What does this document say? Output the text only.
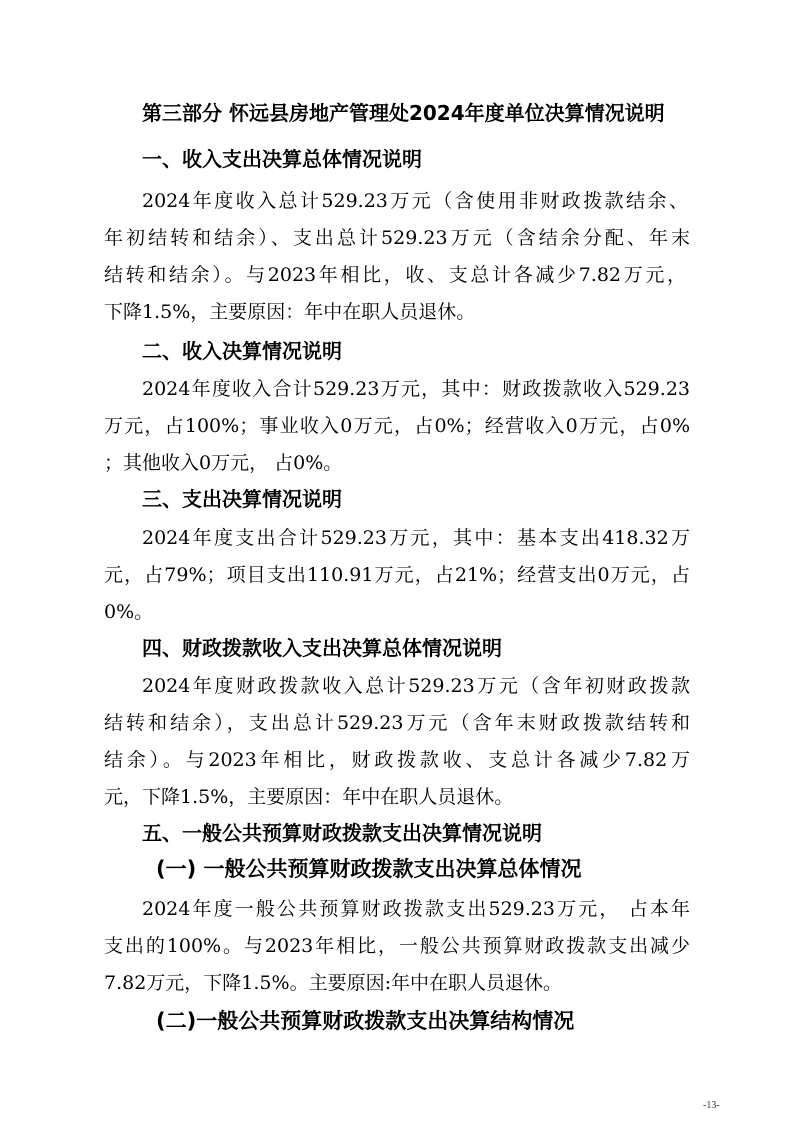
第三部分 怀远县房地产管理处2024年度单位决算情况说明
一、收入支出决算总体情况说明
2024年度收入总计529.23万元（含使用非财政拨款结余、
年初结转和结余）、支出总计529.23万元（含结余分配、年末
结转和结余）。与2023年相比，收、支总计各减少7.82万元，
下降1.5%，主要原因：年中在职人员退休。
二、收入决算情况说明
2024年度收入合计529.23万元，其中：财政拨款收入529.23
万元，占100%；事业收入0万元，占0%；经营收入0万元，占0%
；其他收入0万元， 占0%。
三、支出决算情况说明
2024年度支出合计529.23万元，其中：基本支出418.32万
元，占79%；项目支出110.91万元，占21%；经营支出0万元，占
0%。
四、财政拨款收入支出决算总体情况说明
2024年度财政拨款收入总计529.23万元（含年初财政拨款
结转和结余），支出总计529.23万元（含年末财政拨款结转和
结余）。与2023年相比，财政拨款收、支总计各减少7.82万
元，下降1.5%，主要原因：年中在职人员退休。
五、一般公共预算财政拨款支出决算情况说明
(一) 一般公共预算财政拨款支出决算总体情况
2024年度一般公共预算财政拨款支出529.23万元， 占本年
支出的100%。与2023年相比，一般公共预算财政拨款支出减少
7.82万元，下降1.5%。主要原因:年中在职人员退休。
(二)一般公共预算财政拨款支出决算结构情况
-13-
